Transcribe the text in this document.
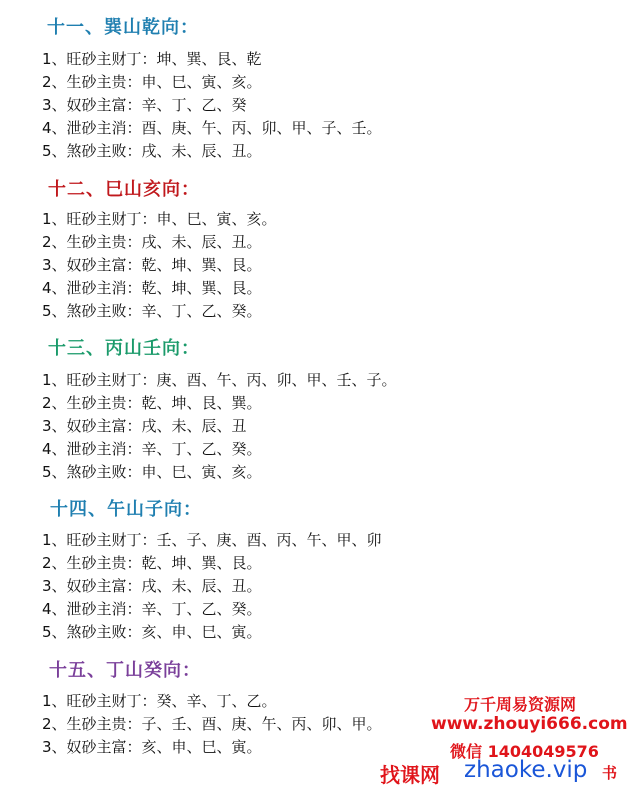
十一、巽山乾向：
1、旺砂主财丁：坤、巽、艮、乾
2、生砂主贵：申、巳、寅、亥。
3、奴砂主富：辛、丁、乙、癸
4、泄砂主消：酉、庚、午、丙、卯、甲、子、壬。
5、煞砂主败：戌、未、辰、丑。
十二、巳山亥向：
1、旺砂主财丁：申、巳、寅、亥。
2、生砂主贵：戌、未、辰、丑。
3、奴砂主富：乾、坤、巽、艮。
4、泄砂主消：乾、坤、巽、艮。
5、煞砂主败：辛、丁、乙、癸。
十三、丙山壬向：
1、旺砂主财丁：庚、酉、午、丙、卯、甲、壬、子。
2、生砂主贵：乾、坤、艮、巽。
3、奴砂主富：戌、未、辰、丑
4、泄砂主消：辛、丁、乙、癸。
5、煞砂主败：申、巳、寅、亥。
十四、午山子向：
1、旺砂主财丁：壬、子、庚、酉、丙、午、甲、卯
2、生砂主贵：乾、坤、巽、艮。
3、奴砂主富：戌、未、辰、丑。
4、泄砂主消：辛、丁、乙、癸。
5、煞砂主败：亥、申、巳、寅。
十五、丁山癸向：
1、旺砂主财丁：癸、辛、丁、乙。
2、生砂主贵：子、壬、酉、庚、午、丙、卯、甲。
3、奴砂主富：亥、申、巳、寅。
万千周易资源网
www.zhouyi666.com
微信 1404049576
找课网 zhaoke.vip 书
